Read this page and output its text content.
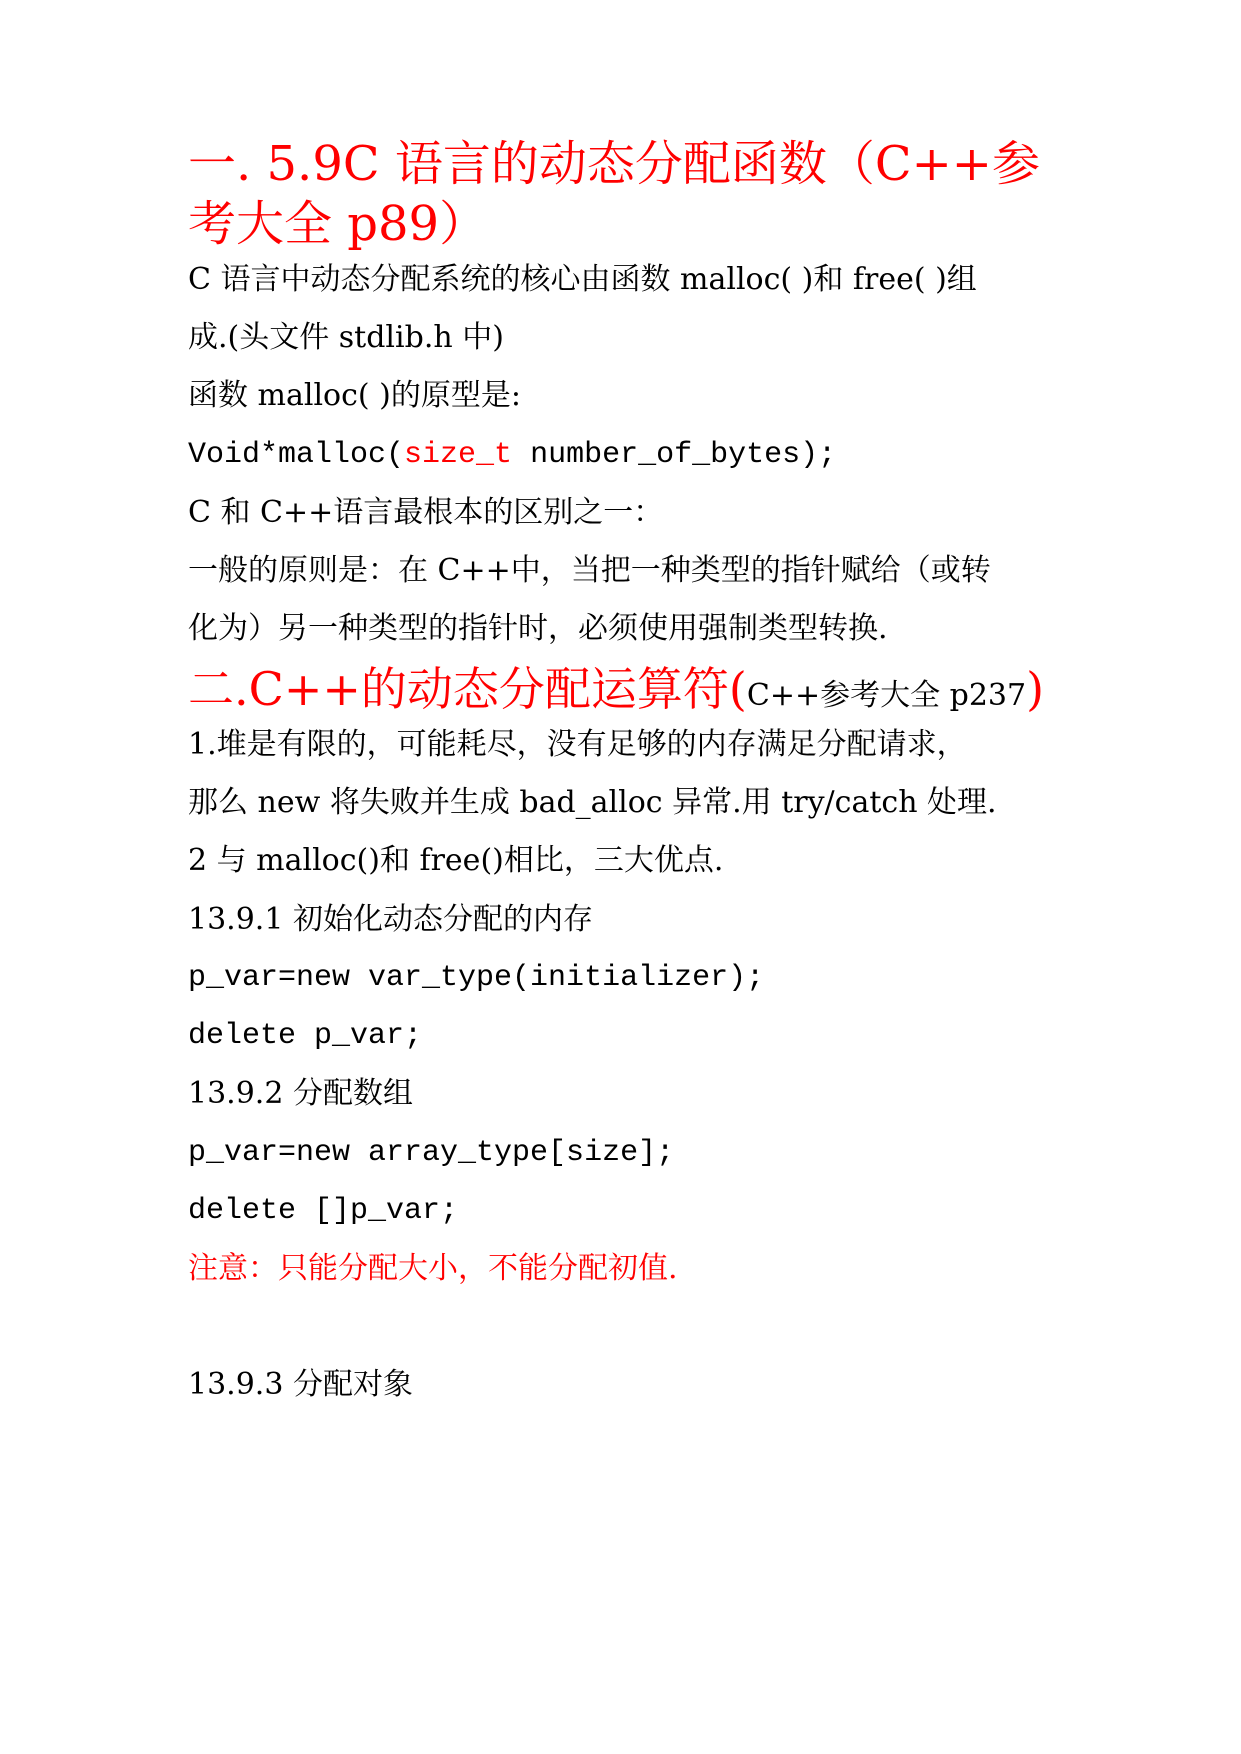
一. 5.9C 语言的动态分配函数（C++参
考大全 p89）
C 语言中动态分配系统的核心由函数 malloc( )和 free( )组
成.(头文件 stdlib.h 中)
函数 malloc( )的原型是:
Void*malloc(size_t number_of_bytes);
C 和 C++语言最根本的区别之一：
一般的原则是：在 C++中，当把一种类型的指针赋给（或转
化为）另一种类型的指针时，必须使用强制类型转换.
二.C++的动态分配运算符(C++参考大全 p237)
1.堆是有限的，可能耗尽，没有足够的内存满足分配请求，
那么 new 将失败并生成 bad_alloc 异常.用 try/catch 处理.
2 与 malloc()和 free()相比，三大优点.
13.9.1 初始化动态分配的内存
p_var=new var_type(initializer);
delete p_var;
13.9.2 分配数组
p_var=new array_type[size];
delete []p_var;
注意：只能分配大小，不能分配初值.
13.9.3 分配对象
